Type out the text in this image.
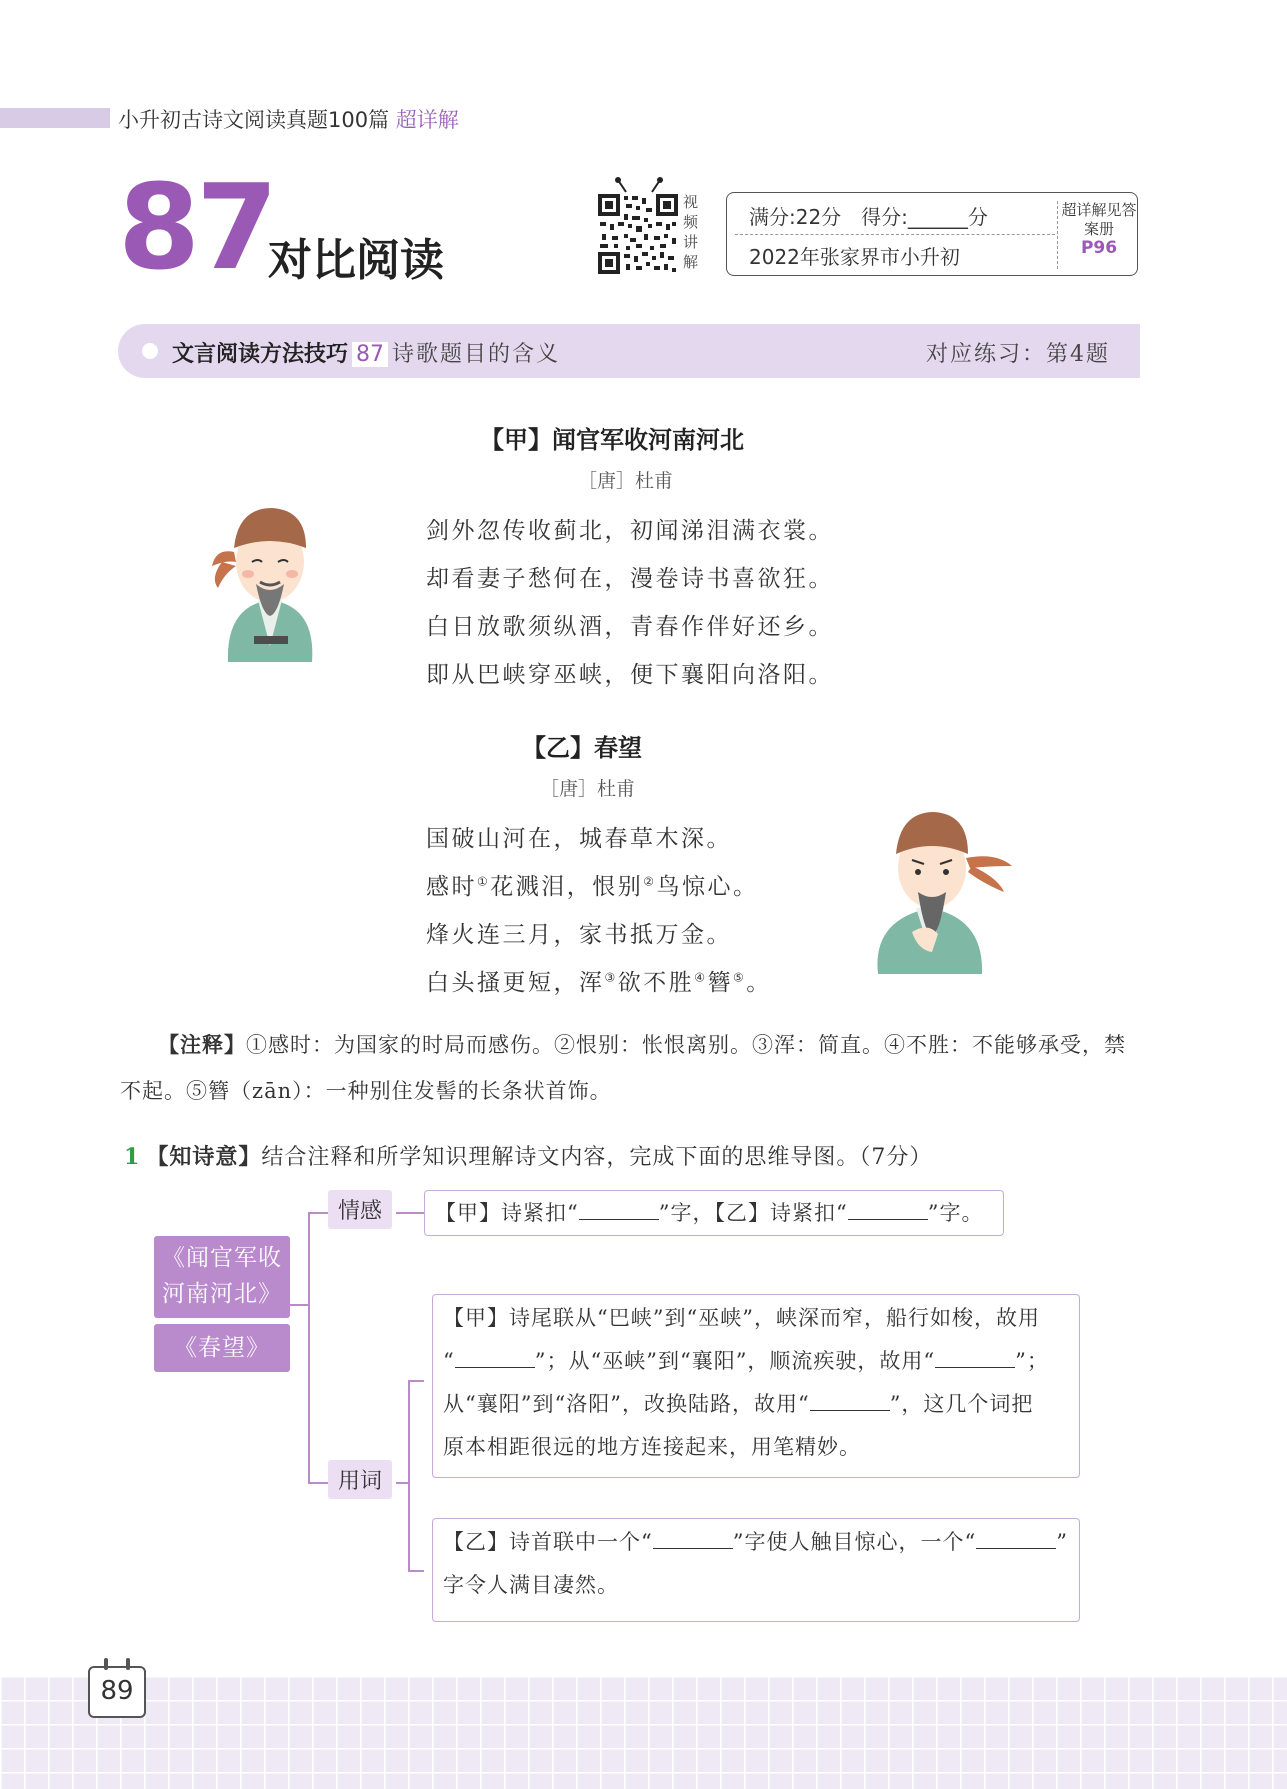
小升初古诗文阅读真题100篇 超详解
87
对比阅读
视频讲解
满分:22分　得分:______分
2022年张家界市小升初
超详解见答案册
P96
文言阅读方法技巧 87 诗歌题目的含义	对应练习：第4题
【甲】闻官军收河南河北
［唐］杜甫
剑外忽传收蓟北，初闻涕泪满衣裳。
却看妻子愁何在，漫卷诗书喜欲狂。
白日放歌须纵酒，青春作伴好还乡。
即从巴峡穿巫峡，便下襄阳向洛阳。
【乙】春望
［唐］杜甫
国破山河在，城春草木深。
感时①花溅泪，恨别②鸟惊心。
烽火连三月，家书抵万金。
白头搔更短，浑③欲不胜④簪⑤。
【注释】①感时：为国家的时局而感伤。②恨别：怅恨离别。③浑：简直。④不胜：不能够承受，禁不起。⑤簪（zān）：一种别住发髻的长条状首饰。
1 【知诗意】结合注释和所学知识理解诗文内容，完成下面的思维导图。（7分）
《闻官军收河南河北》
《春望》
情感
用词
【甲】诗紧扣“	”字，【乙】诗紧扣“	”字。
【甲】诗尾联从“巴峡”到“巫峡”，峡深而窄，船行如梭，故用
“	”；从“巫峡”到“襄阳”，顺流疾驶，故用“	”；
从“襄阳”到“洛阳”，改换陆路，故用“	”，这几个词把
原本相距很远的地方连接起来，用笔精妙。
【乙】诗首联中一个“	”字使人触目惊心，一个“	”
字令人满目凄然。
89
